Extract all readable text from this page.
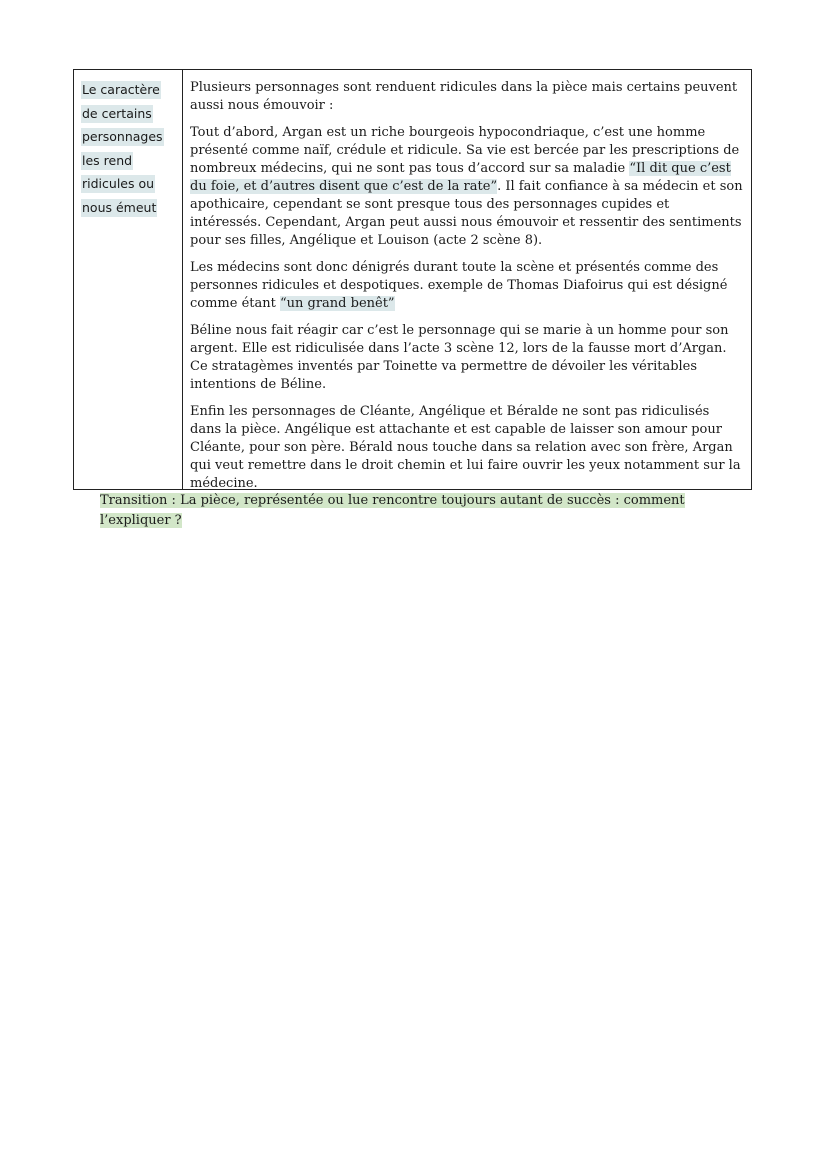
Le caractère
de certains
personnages
les rend
ridicules ou
nous émeut

Plusieurs personnages sont renduent ridicules dans la pièce mais certains peuvent aussi nous émouvoir :

Tout d’abord, Argan est un riche bourgeois hypocondriaque, c’est une homme présenté comme naïf, crédule et ridicule. Sa vie est bercée par les prescriptions de nombreux médecins, qui ne sont pas tous d’accord sur sa maladie “Il dit que c’est du foie, et d’autres disent que c’est de la rate”. Il fait confiance à sa médecin et son apothicaire, cependant se sont presque tous des personnages cupides et intéressés. Cependant, Argan peut aussi nous émouvoir et ressentir des sentiments pour ses filles, Angélique et Louison (acte 2 scène 8).

Les médecins sont donc dénigrés durant toute la scène et présentés comme des personnes ridicules et despotiques. exemple de Thomas Diafoirus qui est désigné comme étant “un grand benêt”

Béline nous fait réagir car c’est le personnage qui se marie à un homme pour son argent. Elle est ridiculisée dans l’acte 3 scène 12, lors de la fausse mort d’Argan. Ce stratagèmes inventés par Toinette va permettre de dévoiler les véritables intentions de Béline.

Enfin les personnages de Cléante, Angélique et Béralde ne sont pas ridiculisés dans la pièce. Angélique est attachante et est capable de laisser son amour pour Cléante, pour son père. Bérald nous touche dans sa relation avec son frère, Argan qui veut remettre dans le droit chemin et lui faire ouvrir les yeux notamment sur la médecine.

Transition : La pièce, représentée ou lue rencontre toujours autant de succès : comment l’expliquer ?
